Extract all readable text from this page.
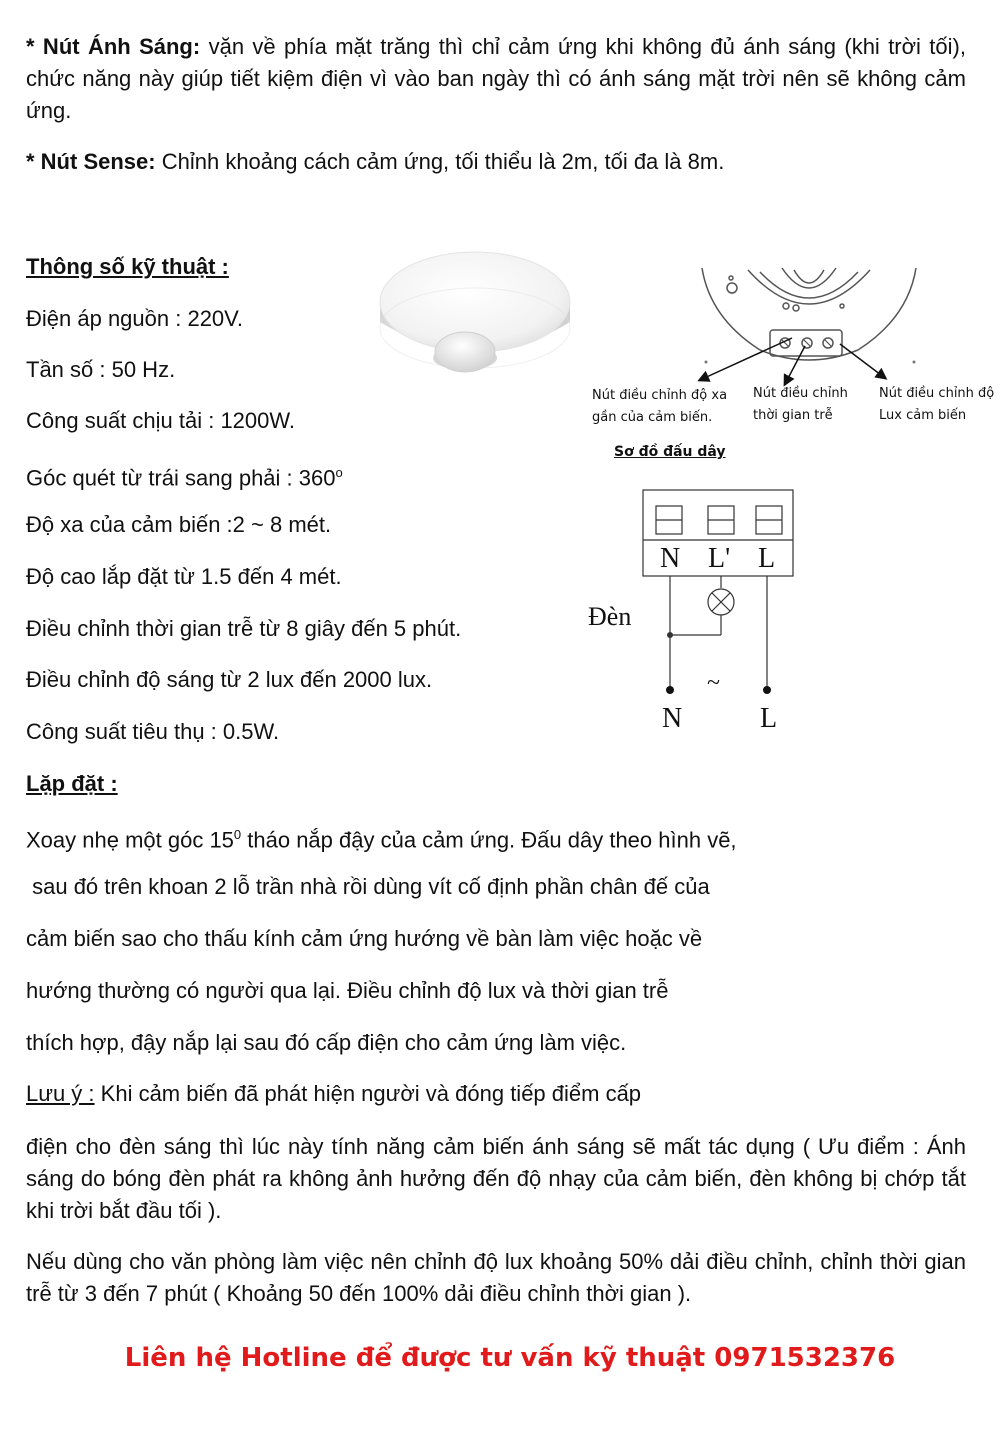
* Nút Ánh Sáng: vặn về phía mặt trăng thì chỉ cảm ứng khi không đủ ánh sáng (khi trời tối), chức năng này giúp tiết kiệm điện vì vào ban ngày thì có ánh sáng mặt trời nên sẽ không cảm ứng.
* Nút Sense: Chỉnh khoảng cách cảm ứng, tối thiểu là 2m, tối đa là 8m.
Thông số kỹ thuật :
Điện áp nguồn : 220V.
Tần số : 50 Hz.
Công suất chịu tải : 1200W.
Góc quét từ trái sang phải : 360$^o$
Độ xa của cảm biến :2 ~ 8 mét.
Độ cao lắp đặt từ 1.5 đến 4 mét.
Điều chỉnh thời gian trễ từ 8 giây đến 5 phút.
Điều chỉnh độ sáng từ 2 lux đến 2000 lux.
Công suất tiêu thụ : 0.5W.
Nút điều chỉnh độ xa
gần của cảm biến.
Nút điều chỉnh
thời gian trễ
Nút điều chỉnh độ
Lux cảm biến
Sơ đồ đấu dây
N L' L
Đèn
~
N	L
Lặp đặt :
Xoay nhẹ một góc $15^0$ tháo nắp đậy của cảm ứng. Đấu dây theo hình vẽ,
sau đó trên khoan 2 lỗ trần nhà rồi dùng vít cố định phần chân đế của
cảm biến sao cho thấu kính cảm ứng hướng về bàn làm việc hoặc về
hướng thường có người qua lại. Điều chỉnh độ lux và thời gian trễ
thích hợp, đậy nắp lại sau đó cấp điện cho cảm ứng làm việc.
Lưu ý : Khi cảm biến đã phát hiện người và đóng tiếp điểm cấp
điện cho đèn sáng thì lúc này tính năng cảm biến ánh sáng sẽ mất tác dụng ( Ưu điểm : Ánh sáng do bóng đèn phát ra không ảnh hưởng đến độ nhạy của cảm biến, đèn không bị chớp tắt khi trời bắt đầu tối ).
Nếu dùng cho văn phòng làm việc nên chỉnh độ lux khoảng 50% dải điều chỉnh, chỉnh thời gian trễ từ 3 đến 7 phút ( Khoảng 50 đến 100% dải điều chỉnh thời gian ).
Liên hệ Hotline để được tư vấn kỹ thuật 0971532376
